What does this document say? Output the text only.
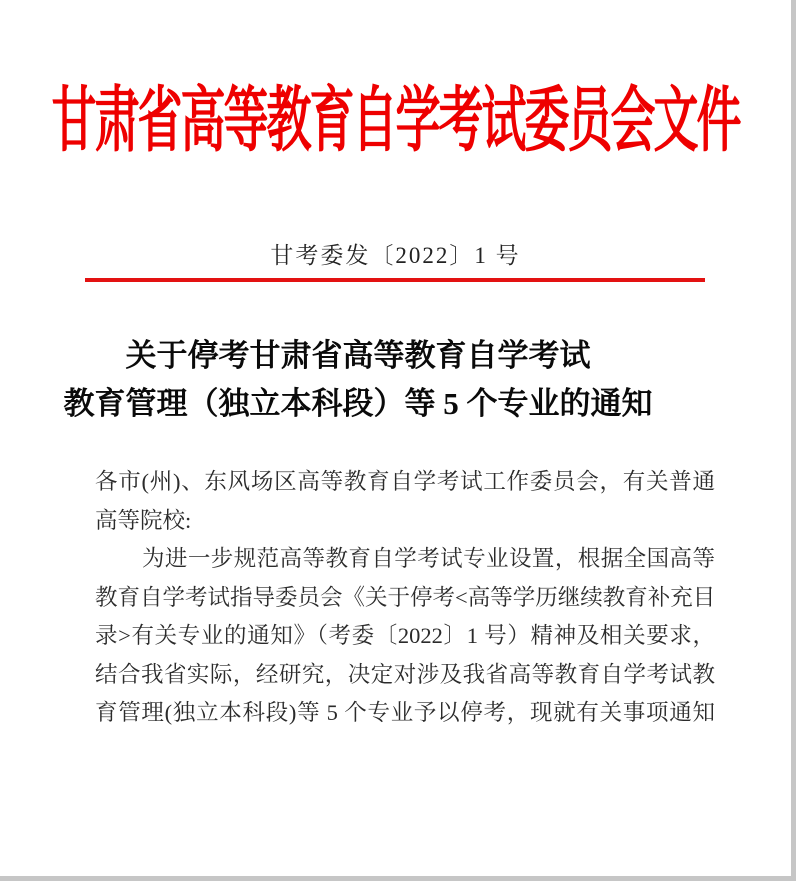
甘肃省高等教育自学考试委员会文件
甘考委发〔2022〕1 号
关于停考甘肃省高等教育自学考试
教育管理（独立本科段）等 5 个专业的通知
各市(州)、东风场区高等教育自学考试工作委员会，有关普通
高等院校:
为进一步规范高等教育自学考试专业设置，根据全国高等
教育自学考试指导委员会《关于停考<高等学历继续教育补充目
录>有关专业的通知》（考委〔2022〕1 号）精神及相关要求，
结合我省实际，经研究，决定对涉及我省高等教育自学考试教
育管理(独立本科段)等 5 个专业予以停考，现就有关事项通知
